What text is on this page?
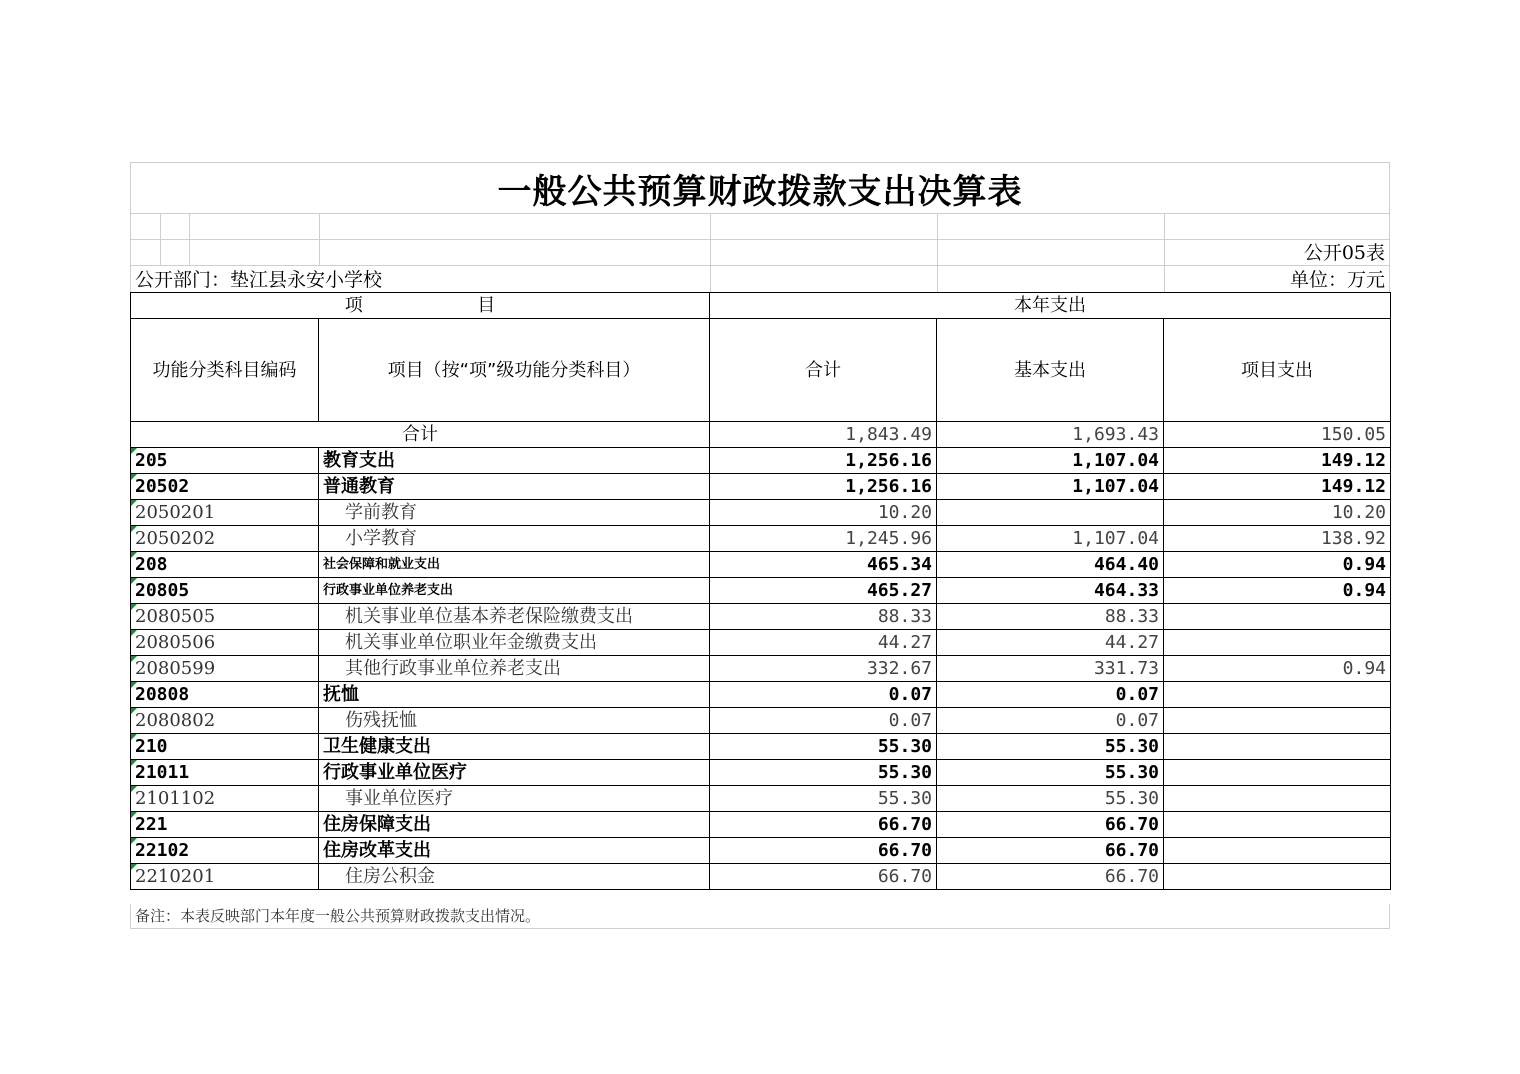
一般公共预算财政拨款支出决算表
公开05表
公开部门：垫江县永安小学校	单位：万元
项                    目		本年支出		
功能分类科目编码	项目（按“项”级功能分类科目）	合计	基本支出	项目支出
合计		1,843.49	1,693.43	150.05
205	教育支出	1,256.16	1,107.04	149.12
20502	普通教育	1,256.16	1,107.04	149.12
2050201	学前教育	10.20		10.20
2050202	小学教育	1,245.96	1,107.04	138.92
208	社会保障和就业支出	465.34	464.40	0.94
20805	行政事业单位养老支出	465.27	464.33	0.94
2080505	机关事业单位基本养老保险缴费支出	88.33	88.33	
2080506	机关事业单位职业年金缴费支出	44.27	44.27	
2080599	其他行政事业单位养老支出	332.67	331.73	0.94
20808	抚恤	0.07	0.07	
2080802	伤残抚恤	0.07	0.07	
210	卫生健康支出	55.30	55.30	
21011	行政事业单位医疗	55.30	55.30	
2101102	事业单位医疗	55.30	55.30	
221	住房保障支出	66.70	66.70	
22102	住房改革支出	66.70	66.70	
2210201	住房公积金	66.70	66.70	
备注：本表反映部门本年度一般公共预算财政拨款支出情况。
